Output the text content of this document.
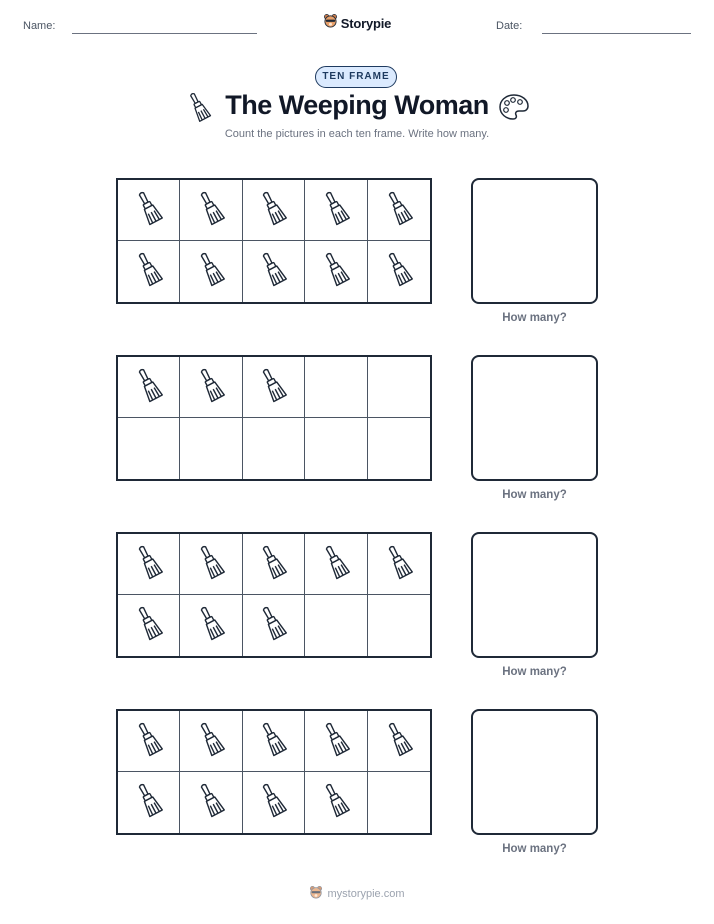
Name:	Storypie	Date:
TEN FRAME
The Weeping Woman
Count the pictures in each ten frame. Write how many.
How many?
How many?
How many?
How many?
mystorypie.com
